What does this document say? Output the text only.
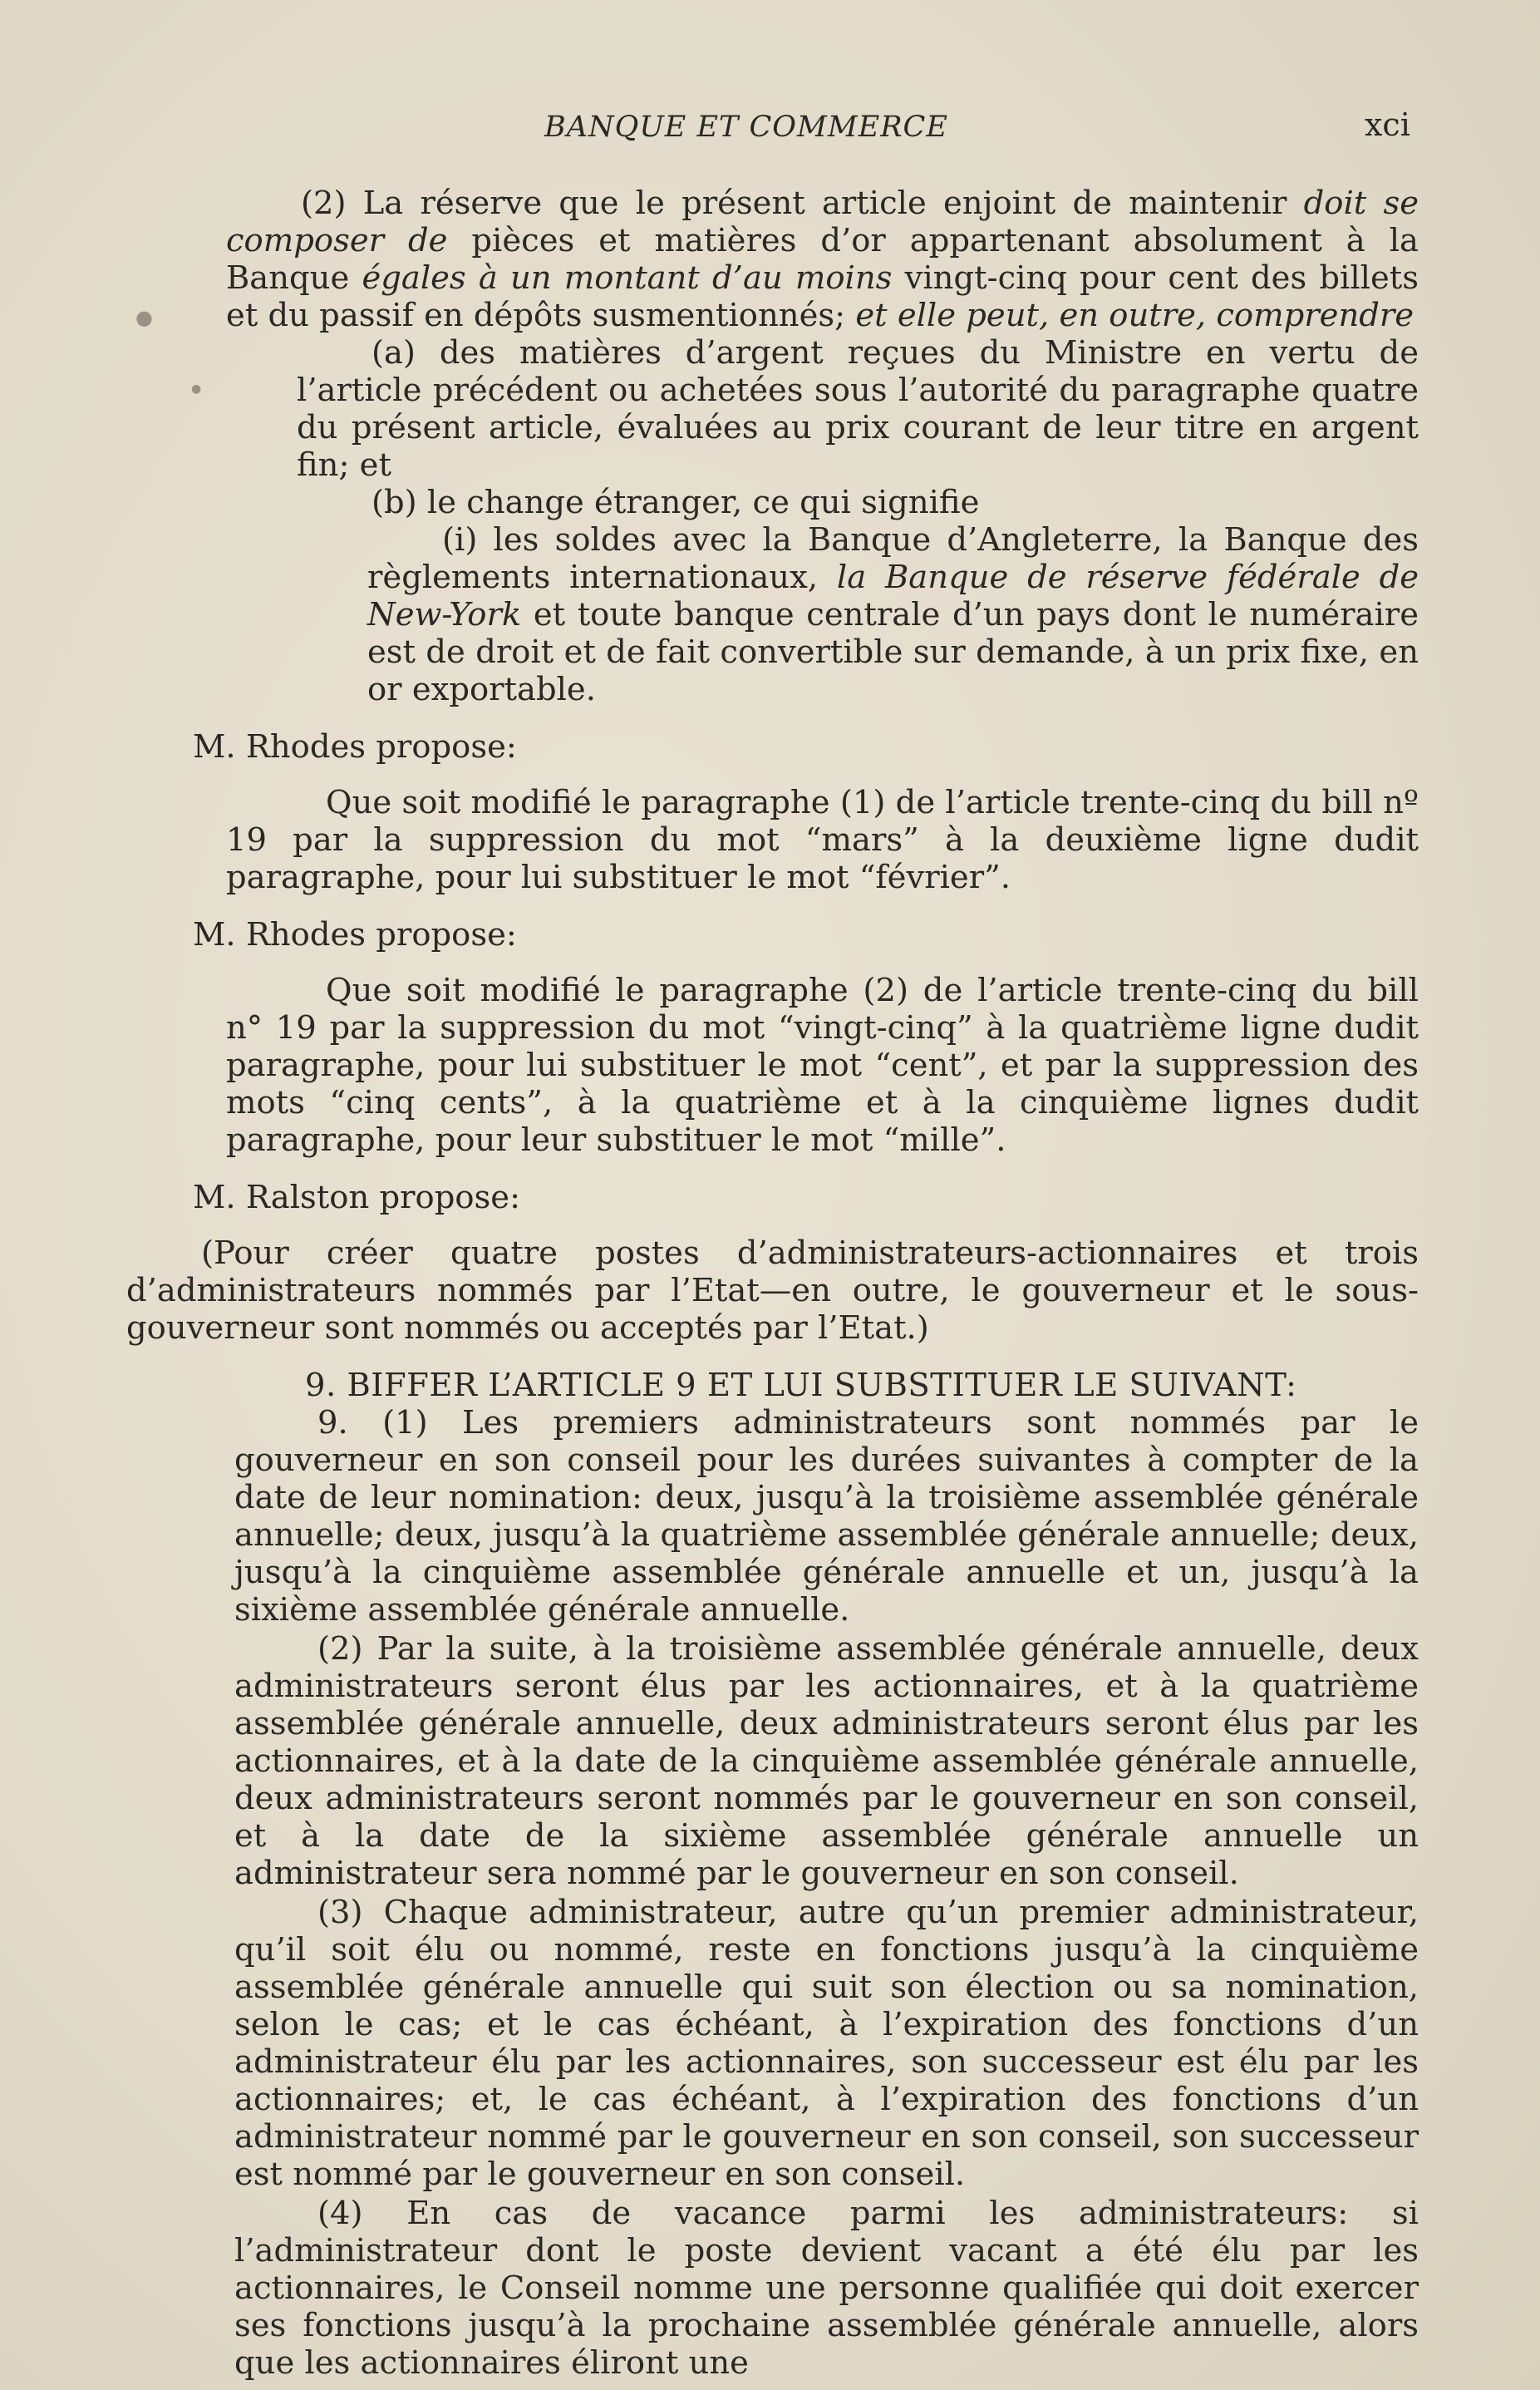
BANQUE ET COMMERCE	xci
●
●

(2) La réserve que le présent article enjoint de maintenir doit se composer de pièces et matières d’or appartenant absolument à la Banque égales à un montant d’au moins vingt-cinq pour cent des billets et du passif en dépôts susmentionnés; et elle peut, en outre, comprendre

(a) des matières d’argent reçues du Ministre en vertu de l’article précédent ou achetées sous l’autorité du paragraphe quatre du présent article, évaluées au prix courant de leur titre en argent fin; et

(b) le change étranger, ce qui signifie

(i) les soldes avec la Banque d’Angleterre, la Banque des règlements internationaux, la Banque de réserve fédérale de New-York et toute banque centrale d’un pays dont le numéraire est de droit et de fait convertible sur demande, à un prix fixe, en or exportable.

M. Rhodes propose:

Que soit modifié le paragraphe (1) de l’article trente-cinq du bill nº 19 par la suppression du mot “mars” à la deuxième ligne dudit paragraphe, pour lui substituer le mot “février”.

M. Rhodes propose:

Que soit modifié le paragraphe (2) de l’article trente-cinq du bill n° 19 par la suppression du mot “vingt-cinq” à la quatrième ligne dudit paragraphe, pour lui substituer le mot “cent”, et par la suppression des mots “cinq cents”, à la quatrième et à la cinquième lignes dudit paragraphe, pour leur substituer le mot “mille”.

M. Ralston propose:

(Pour créer quatre postes d’administrateurs-actionnaires et trois d’administrateurs nommés par l’Etat—en outre, le gouverneur et le sous-gouverneur sont nommés ou acceptés par l’Etat.)

9. BIFFER L’ARTICLE 9 ET LUI SUBSTITUER LE SUIVANT:

9. (1) Les premiers administrateurs sont nommés par le gouverneur en son conseil pour les durées suivantes à compter de la date de leur nomination: deux, jusqu’à la troisième assemblée générale annuelle; deux, jusqu’à la quatrième assemblée générale annuelle; deux, jusqu’à la cinquième assemblée générale annuelle et un, jusqu’à la sixième assemblée générale annuelle.

(2) Par la suite, à la troisième assemblée générale annuelle, deux administrateurs seront élus par les actionnaires, et à la quatrième assemblée générale annuelle, deux administrateurs seront élus par les actionnaires, et à la date de la cinquième assemblée générale annuelle, deux administrateurs seront nommés par le gouverneur en son conseil, et à la date de la sixième assemblée générale annuelle un administrateur sera nommé par le gouverneur en son conseil.

(3) Chaque administrateur, autre qu’un premier administrateur, qu’il soit élu ou nommé, reste en fonctions jusqu’à la cinquième assemblée générale annuelle qui suit son élection ou sa nomination, selon le cas; et le cas échéant, à l’expiration des fonctions d’un administrateur élu par les actionnaires, son successeur est élu par les actionnaires; et, le cas échéant, à l’expiration des fonctions d’un administrateur nommé par le gouverneur en son conseil, son successeur est nommé par le gouverneur en son conseil.

(4) En cas de vacance parmi les administrateurs: si l’administrateur dont le poste devient vacant a été élu par les actionnaires, le Conseil nomme une personne qualifiée qui doit exercer ses fonctions jusqu’à la prochaine assemblée générale annuelle, alors que les actionnaires éliront une
